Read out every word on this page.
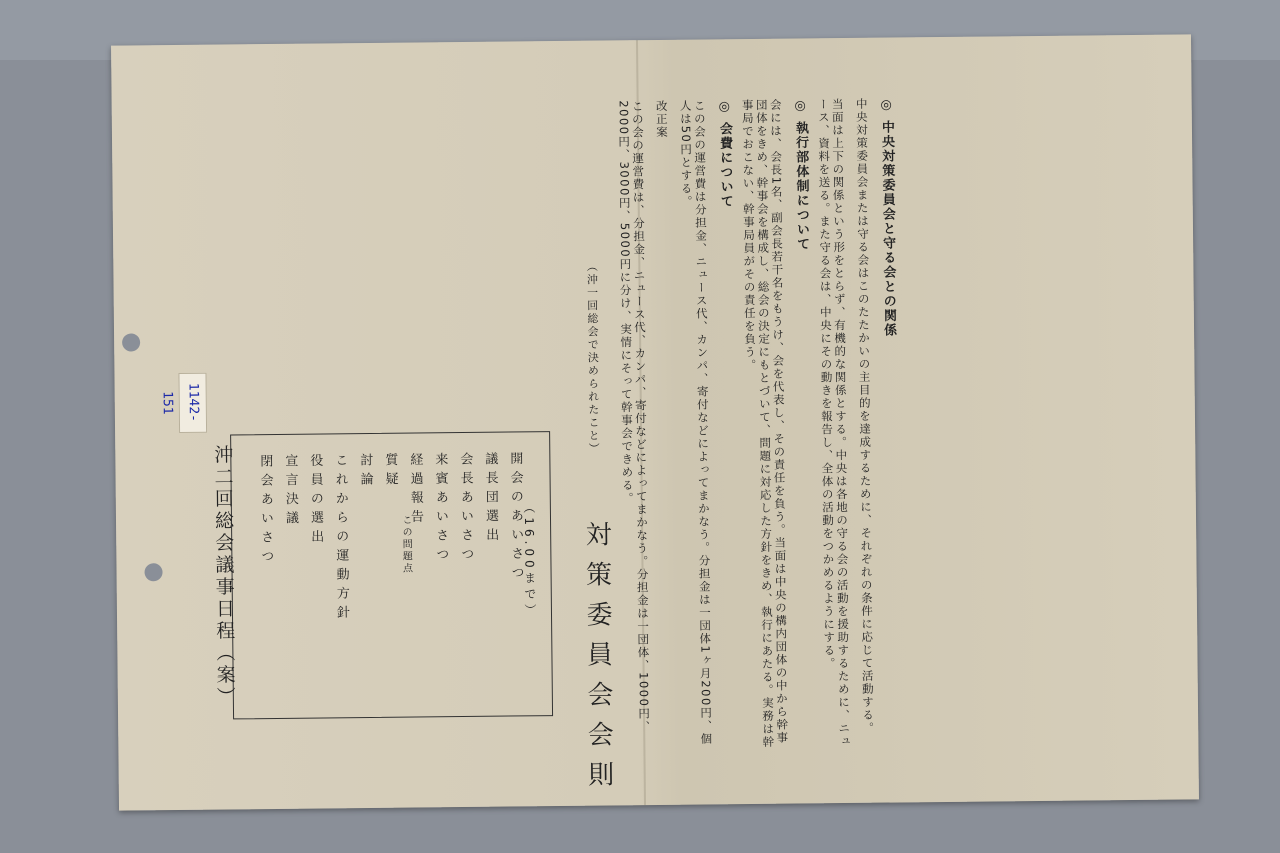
1142-151
沖二回総会議事日程（案）	開会のあいさつ
議長団選出
会長あいさつ
来賓あいさつ
経過報告
質疑
討論
これからの運動方針
役員の選出
宣言決議
閉会あいさつ	この問題点	（16.00まで） 対策委員会会則
（沖一回総会で決められたこと）
◎ 中央対策委員会と守る会との関係
中央対策委員会または守る会はこのたたかいの主目的を達成するために、それぞれの条件に応じて活動する。
当面は上下の関係という形をとらず、有機的な関係とする。中央は各地の守る会の活動を援助するために、ニュース、資料を送る。また守る会は、中央にその動きを報告し、全体の活動をつかめるようにする。
◎ 執行部体制について
会には、会長1名、副会長若干名をもうけ、会を代表し、その責任を負う。当面は中央の構内団体の中から幹事団体をきめ、幹事会を構成し、総会の決定にもとづいて、問題に対応した方針をきめ、執行にあたる。実務は幹事局でおこない、幹事局員がその責任を負う。
◎ 会費について
この会の運営費は分担金、ニュース代、カンパ、寄付などによってまかなう。分担金は一団体1ヶ月200円、個人は50円とする。
改正案
この会の運営費は、分担金、ニュース代、カンパ、寄付などによってまかなう。分担金は一団体、1000円、2000円、3000円、5000円に分け、実情にそって幹事会できめる。
